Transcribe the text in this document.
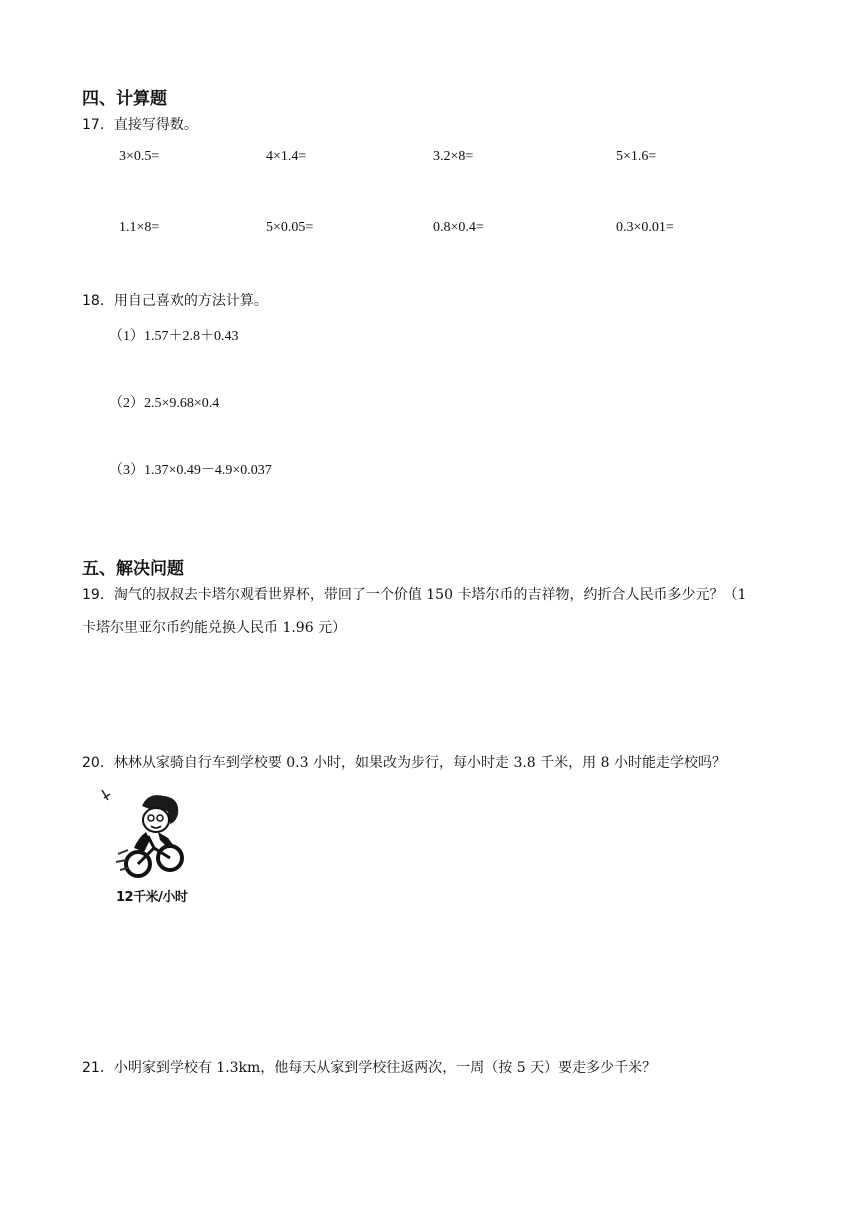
四、计算题
17．直接写得数。
3×0.5=	4×1.4=	3.2×8=	5×1.6=
1.1×8=	5×0.05=	0.8×0.4=	0.3×0.01=
18．用自己喜欢的方法计算。
（1）1.57＋2.8＋0.43
（2）2.5×9.68×0.4
（3）1.37×0.49－4.9×0.037
五、解决问题
19．淘气的叔叔去卡塔尔观看世界杯，带回了一个价值 150 卡塔尔币的吉祥物，约折合人民币多少元？（1
卡塔尔里亚尔币约能兑换人民币 1.96 元）
20．林林从家骑自行车到学校要 0.3 小时，如果改为步行，每小时走 3.8 千米，用 8 小时能走学校吗？
12千米/小时
21．小明家到学校有 1.3km，他每天从家到学校往返两次，一周（按 5 天）要走多少千米？
